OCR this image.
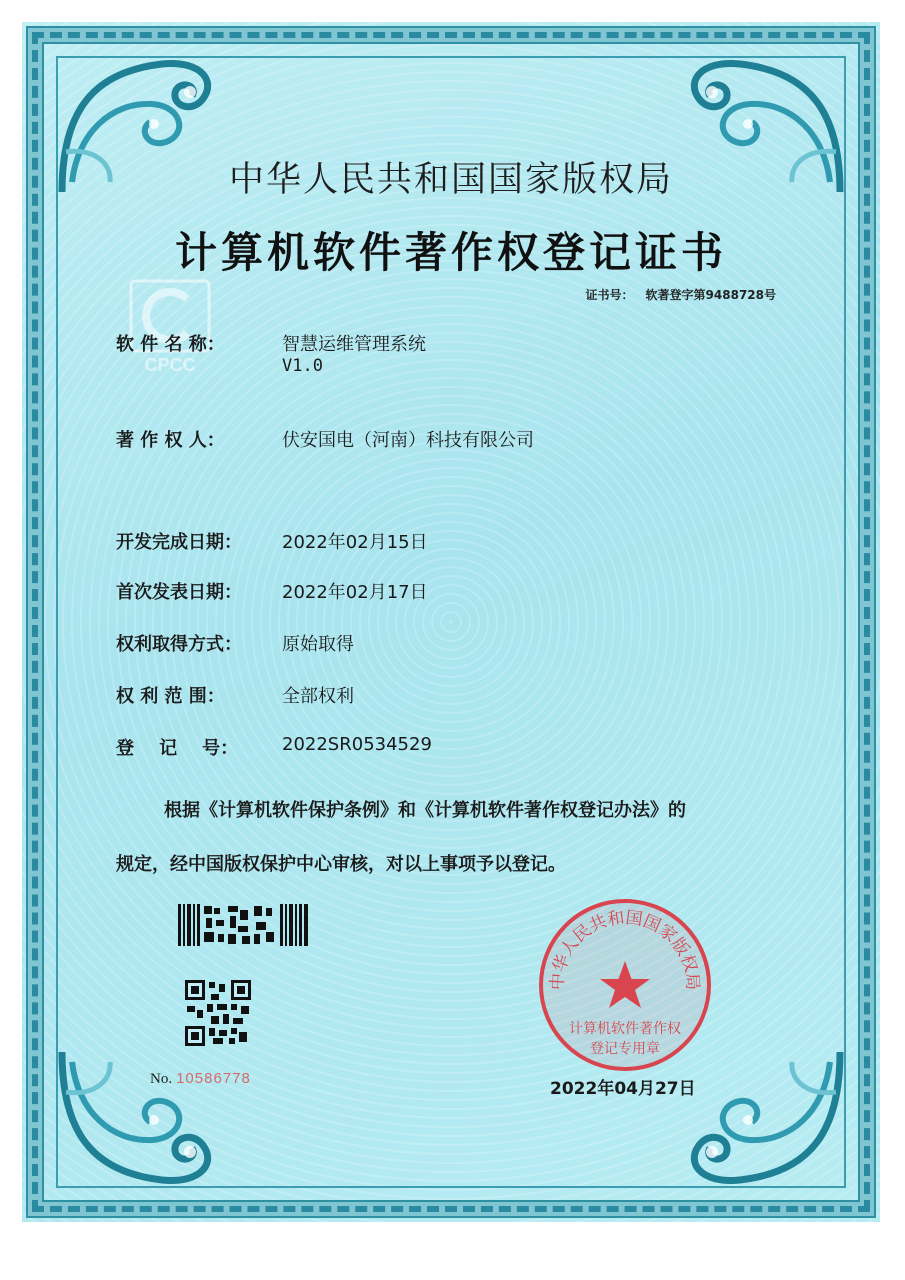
CPCC
中华人民共和国国家版权局
计算机软件著作权登记证书
证书号： 软著登字第9488728号
软 件 名 称：	智慧运维管理系统
V1.0
著 作 权 人：	伏安国电（河南）科技有限公司
开发完成日期： 2022年02月15日
首次发表日期： 2022年02月17日
权利取得方式： 原始取得
权 利 范 围：	全部权利
登    记    号： 2022SR0534529
根据《计算机软件保护条例》和《计算机软件著作权登记办法》的
规定，经中国版权保护中心审核，对以上事项予以登记。
No. 10586778
中华人民共和国国家版权局
计算机软件著作权
登记专用章
2022年04月27日
